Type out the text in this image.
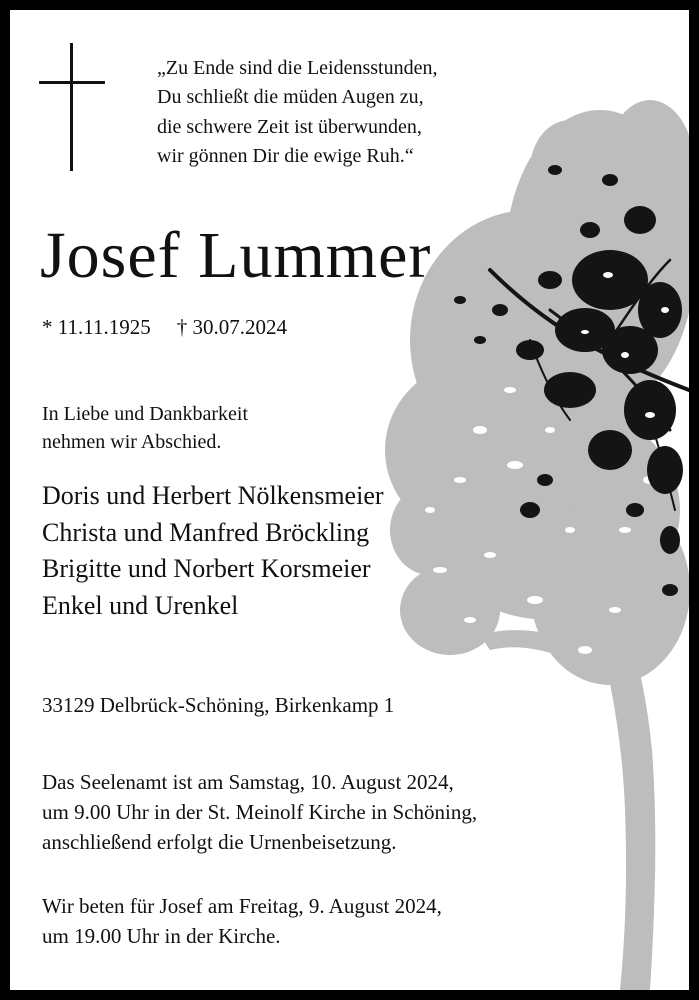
„Zu Ende sind die Leidensstunden,
Du schließt die müden Augen zu,
die schwere Zeit ist überwunden,
wir gönnen Dir die ewige Ruh.“
Josef Lummer
* 11.11.1925 † 30.07.2024
In Liebe und Dankbarkeit
nehmen wir Abschied.
Doris und Herbert Nölkensmeier
Christa und Manfred Bröckling
Brigitte und Norbert Korsmeier
Enkel und Urenkel
33129 Delbrück-Schöning, Birkenkamp 1
Das Seelenamt ist am Samstag, 10. August 2024,
um 9.00 Uhr in der St. Meinolf Kirche in Schöning,
anschließend erfolgt die Urnenbeisetzung.
Wir beten für Josef am Freitag, 9. August 2024,
um 19.00 Uhr in der Kirche.
